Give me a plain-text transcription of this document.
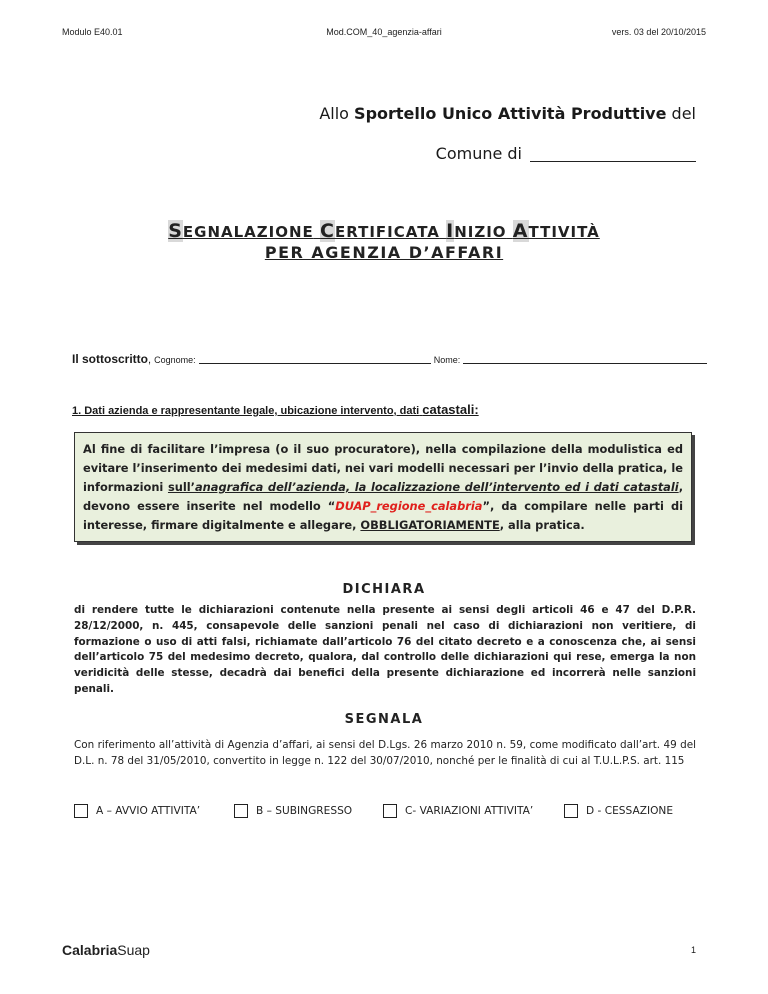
Modulo E40.01	Mod.COM_40_agenzia-affari	vers. 03 del 20/10/2015
Allo Sportello Unico Attività Produttive del
Comune di
SEGNALAZIONE CERTIFICATA INIZIO ATTIVITÀ
PER AGENZIA D’AFFARI
Il sottoscritto, Cognome:	Nome:
1. Dati azienda e rappresentante legale, ubicazione intervento, dati catastali:
Al fine di facilitare l’impresa (o il suo procuratore), nella compilazione della modulistica ed evitare l’inserimento dei medesimi dati, nei vari modelli necessari per l’invio della pratica, le informazioni sull’anagrafica dell’azienda, la localizzazione dell’intervento ed i dati catastali, devono essere inserite nel modello “DUAP_regione_calabria”, da compilare nelle parti di interesse, firmare digitalmente e allegare, OBBLIGATORIAMENTE, alla pratica.
DICHIARA
di rendere tutte le dichiarazioni contenute nella presente ai sensi degli articoli 46 e 47 del D.P.R. 28/12/2000, n. 445, consapevole delle sanzioni penali nel caso di dichiarazioni non veritiere, di formazione o uso di atti falsi, richiamate dall’articolo 76 del citato decreto e a conoscenza che, ai sensi dell’articolo 75 del medesimo decreto, qualora, dal controllo delle dichiarazioni qui rese, emerga la non veridicità delle stesse, decadrà dai benefici della presente dichiarazione ed incorrerà nelle sanzioni penali.
SEGNALA
Con riferimento all’attività di Agenzia d’affari, ai sensi del D.Lgs. 26 marzo 2010 n. 59, come modificato dall’art. 49 del D.L. n. 78 del 31/05/2010, convertito in legge n. 122 del 30/07/2010, nonché per le finalità di cui al T.U.L.P.S. art. 115
A – AVVIO ATTIVITA’	B – SUBINGRESSO	C- VARIAZIONI ATTIVITA’	D - CESSAZIONE
CalabriaSuap	1
